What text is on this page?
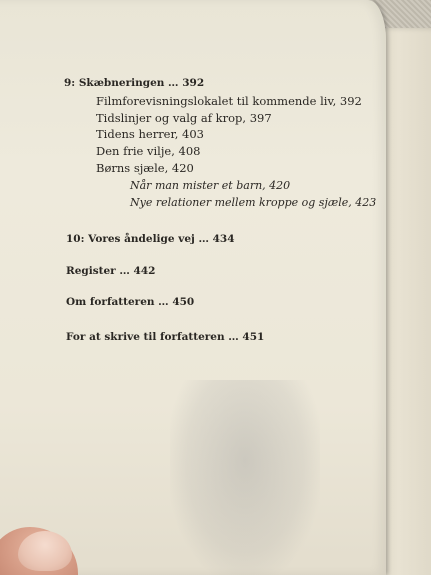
9: Skæbneringen … 392
Filmforevisningslokalet til kommende liv, 392
Tidslinjer og valg af krop, 397
Tidens herrer, 403
Den frie vilje, 408
Børns sjæle, 420
Når man mister et barn, 420
Nye relationer mellem kroppe og sjæle, 423
10: Vores åndelige vej … 434
Register … 442
Om forfatteren … 450
For at skrive til forfatteren … 451
